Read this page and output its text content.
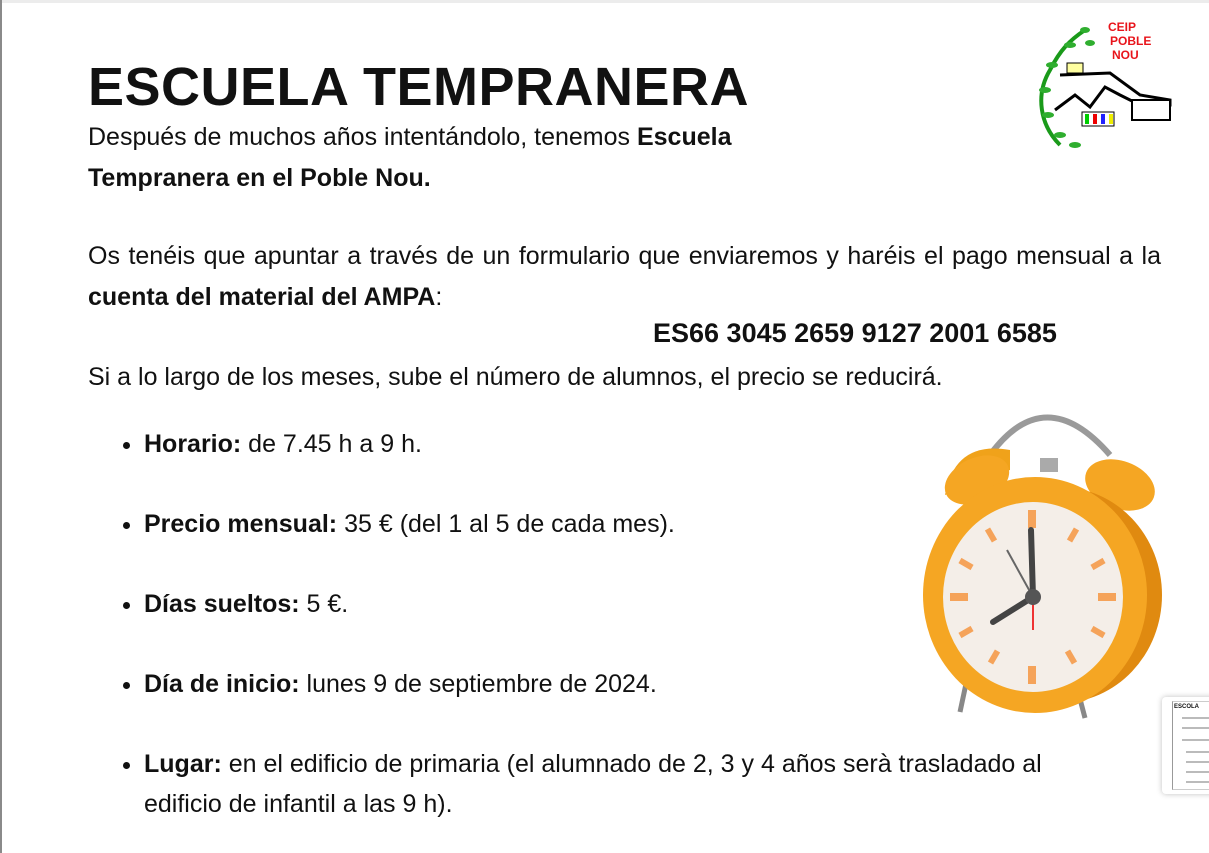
CEIP
POBLE
NOU
ESCUELA TEMPRANERA

Después de muchos años intentándolo, tenemos Escuela Tempranera en el Poble Nou.

Os tenéis que apuntar a través de un formulario que enviaremos y haréis el pago mensual a la cuenta del material del AMPA:

ES66 3045 2659 9127 2001 6585

Si a lo largo de los meses, sube el número de alumnos, el precio se reducirá.

• Horario: de 7.45 h a 9 h.
• Precio mensual: 35 € (del 1 al 5 de cada mes).
• Días sueltos: 5 €.
• Día de inicio: lunes 9 de septiembre de 2024.
• Lugar: en el edificio de primaria (el alumnado de 2, 3 y 4 años serà trasladado al edificio de infantil a las 9 h).
ESCOLA
